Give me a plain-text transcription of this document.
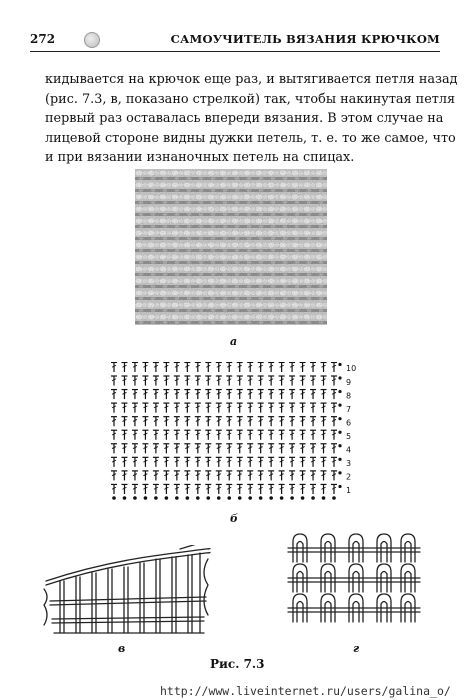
272	САМОУЧИТЕЛЬ ВЯЗАНИЯ КРЮЧКОМ
кидывается на крючок еще раз, и вытягивается петля назад
(рис. 7.3, в, показано стрелкой) так, чтобы накинутая петля
первый раз оставалась впереди вязания. В этом случае на
лицевой стороне видны дужки петель, т. е. то же самое, что
и при вязании изнаночных петель на спицах.
а
1
2
3
4
5
6
7
8
9
10
б
в	г
Рис. 7.3
http://www.liveinternet.ru/users/galina_o/
